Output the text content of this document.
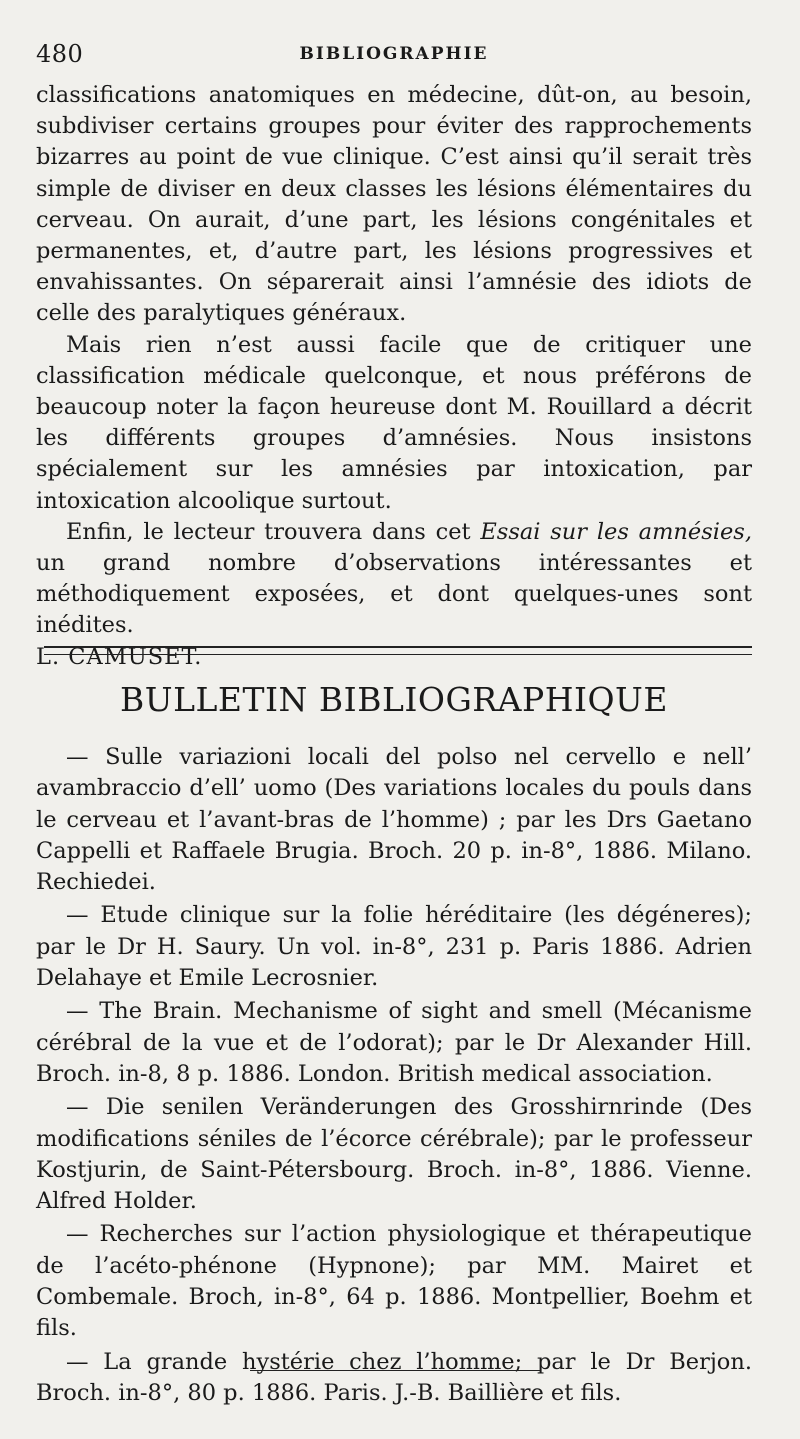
480	BIBLIOGRAPHIE

classifications anatomiques en médecine, dût-on, au besoin, subdiviser certains groupes pour éviter des rapprochements bizarres au point de vue clinique. C’est ainsi qu’il serait très simple de diviser en deux classes les lésions élémentaires du cerveau. On aurait, d’une part, les lésions congénitales et permanentes, et, d’autre part, les lésions progressives et envahissantes. On séparerait ainsi l’amnésie des idiots de celle des paralytiques généraux.

Mais rien n’est aussi facile que de critiquer une classification médicale quelconque, et nous préférons de beaucoup noter la façon heureuse dont M. Rouillard a décrit les différents groupes d’amnésies. Nous insistons spécialement sur les amnésies par intoxication, par intoxication alcoolique surtout.

Enfin, le lecteur trouvera dans cet Essai sur les amnésies, un grand nombre d’observations intéressantes et méthodiquement exposées, et dont quelques-unes sont inédites.

L. CAMUSET.

BULLETIN BIBLIOGRAPHIQUE

— Sulle variazioni locali del polso nel cervello e nell’ avambraccio d’ell’ uomo (Des variations locales du pouls dans le cerveau et l’avant-bras de l’homme) ; par les Drs Gaetano Cappelli et Raffaele Brugia. Broch. 20 p. in-8°, 1886. Milano. Rechiedei.

— Etude clinique sur la folie héréditaire (les dégéneres); par le Dr H. Saury. Un vol. in-8°, 231 p. Paris 1886. Adrien Delahaye et Emile Lecrosnier.

— The Brain. Mechanisme of sight and smell (Mécanisme cérébral de la vue et de l’odorat); par le Dr Alexander Hill. Broch. in-8, 8 p. 1886. London. British medical association.

— Die senilen Veränderungen des Grosshirnrinde (Des modifications séniles de l’écorce cérébrale); par le professeur Kostjurin, de Saint-Pétersbourg. Broch. in-8°, 1886. Vienne. Alfred Holder.

— Recherches sur l’action physiologique et thérapeutique de l’acéto-phénone (Hypnone); par MM. Mairet et Combemale. Broch, in-8°, 64 p. 1886. Montpellier, Boehm et fils.

— La grande hystérie chez l’homme; par le Dr Berjon. Broch. in-8°, 80 p. 1886. Paris. J.-B. Baillière et fils.
